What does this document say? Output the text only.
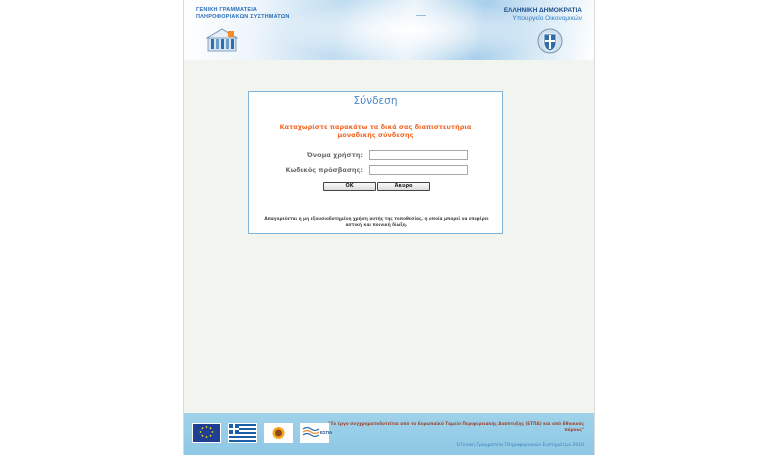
ΓΕΝΙΚΗ ΓΡΑΜΜΑΤΕΙΑ
ΠΛΗΡΟΦΟΡΙΑΚΩΝ ΣΥΣΤΗΜΑΤΩΝ
ΕΛΛΗΝΙΚΗ ΔΗΜΟΚΡΑΤΙΑ
Υπουργείο Οικονομικών
Σύνδεση
Καταχωρίστε παρακάτω τα δικά σας διαπιστευτήρια μοναδικής σύνδεσης
Όνομα χρήστη:
Κωδικός πρόσβασης:
OK	Άκυρο
Απαγορεύεται η μη εξουσιοδοτημένη χρήση αυτής της τοποθεσίας, η οποία μπορεί να επιφέρει αστική και ποινική δίωξη.
ΕΣΠΑ
"Το έργο συγχρηματοδοτείται από το Ευρωπαϊκό Ταμείο Περιφερειακής Ανάπτυξης (ΕΤΠΑ) και από Εθνικούς πόρους"
©Γενική Γραμματεία Πληροφοριακών Συστημάτων 2010
